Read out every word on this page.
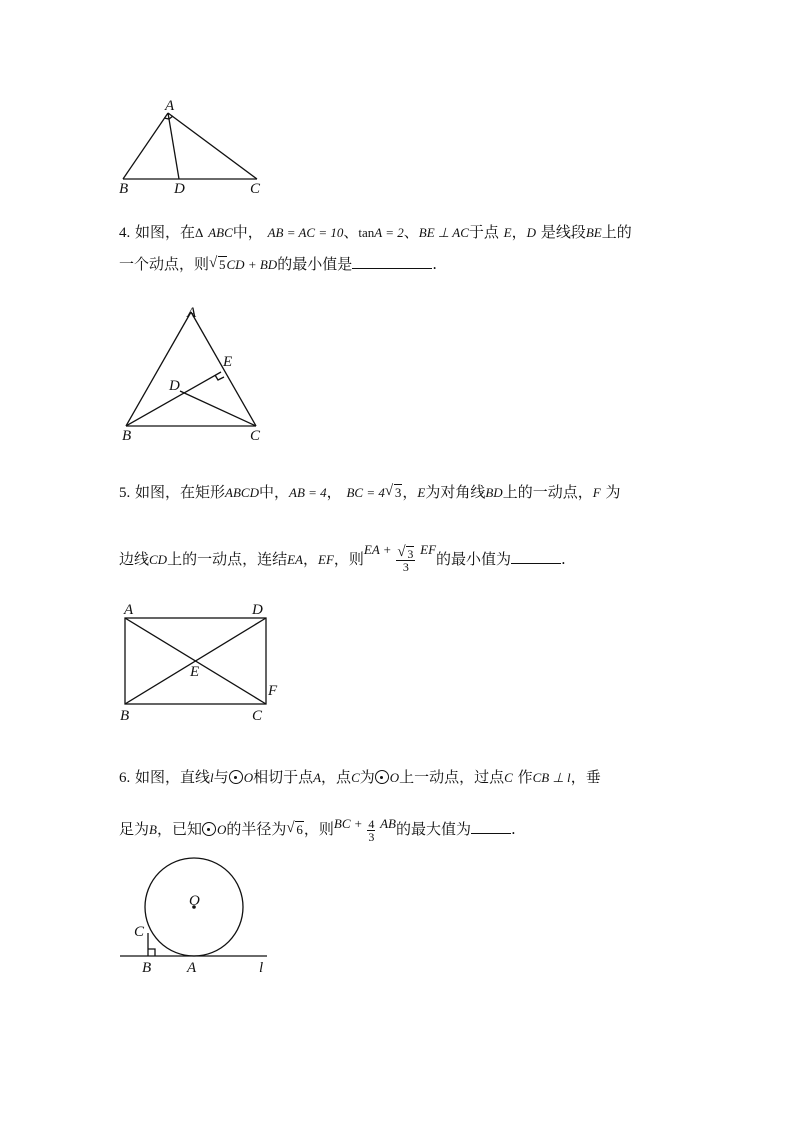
A
B	D	C
4. 如图，在Δ ABC中， AB = AC = 10、tanA = 2、BE ⊥ AC于点 E，D 是线段BE上的
一个动点，则 √ 5CD + BD的最小值是	.
A
E
D
B	C
5. 如图，在矩形ABCD中，AB = 4， BC = 4 √ 3，E为对角线BD上的一动点，F 为
边线CD上的一动点，连结EA，EF，则EA + √ $\frac{3}{3}$ EF的最小值为	.
A	D
E
F
B	C
6. 如图，直线l与 O相切于点A，点C为 O上一动点，过点C 作CB ⊥ l，垂
足为B，已知 O的半径为 √ 6，则BC + $\frac{4}{3}$ AB的最大值为	.
O
C
B A	l
